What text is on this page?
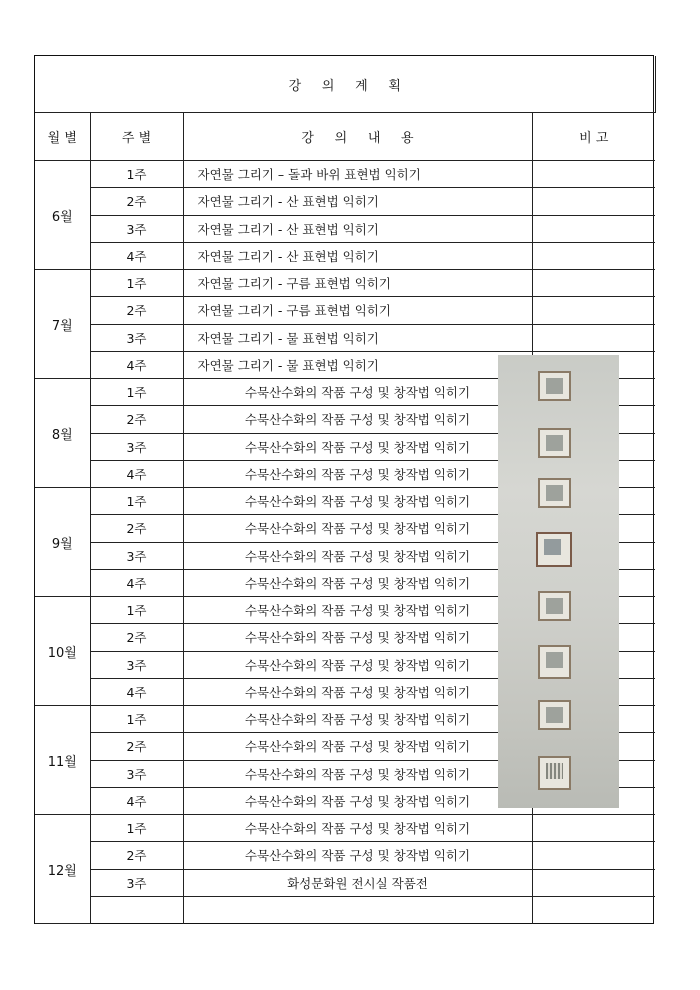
강     의     계     획			
월 별	주 별	강     의     내     용	비 고
6월	1주	자연물 그리기 – 돌과 바위 표현법 익히기	
	2주	자연물 그리기 - 산 표현법 익히기	
	3주	자연물 그리기 - 산 표현법 익히기	
	4주	자연물 그리기 - 산 표현법 익히기	
7월	1주	자연물 그리기 - 구름 표현법 익히기	
	2주	자연물 그리기 - 구름 표현법 익히기	
	3주	자연물 그리기 - 물 표현법 익히기	
	4주	자연물 그리기 - 물 표현법 익히기	
8월	1주	수묵산수화의 작품 구성 및 창작법 익히기	
	2주	수묵산수화의 작품 구성 및 창작법 익히기	
	3주	수묵산수화의 작품 구성 및 창작법 익히기	
	4주	수묵산수화의 작품 구성 및 창작법 익히기	
9월	1주	수묵산수화의 작품 구성 및 창작법 익히기	
	2주	수묵산수화의 작품 구성 및 창작법 익히기	
	3주	수묵산수화의 작품 구성 및 창작법 익히기	
	4주	수묵산수화의 작품 구성 및 창작법 익히기	
10월	1주	수묵산수화의 작품 구성 및 창작법 익히기	
	2주	수묵산수화의 작품 구성 및 창작법 익히기	
	3주	수묵산수화의 작품 구성 및 창작법 익히기	
	4주	수묵산수화의 작품 구성 및 창작법 익히기	
11월	1주	수묵산수화의 작품 구성 및 창작법 익히기	
	2주	수묵산수화의 작품 구성 및 창작법 익히기	
	3주	수묵산수화의 작품 구성 및 창작법 익히기	
	4주	수묵산수화의 작품 구성 및 창작법 익히기	
12월	1주	수묵산수화의 작품 구성 및 창작법 익히기	
	2주	수묵산수화의 작품 구성 및 창작법 익히기	
	3주	화성문화원 전시실 작품전	
